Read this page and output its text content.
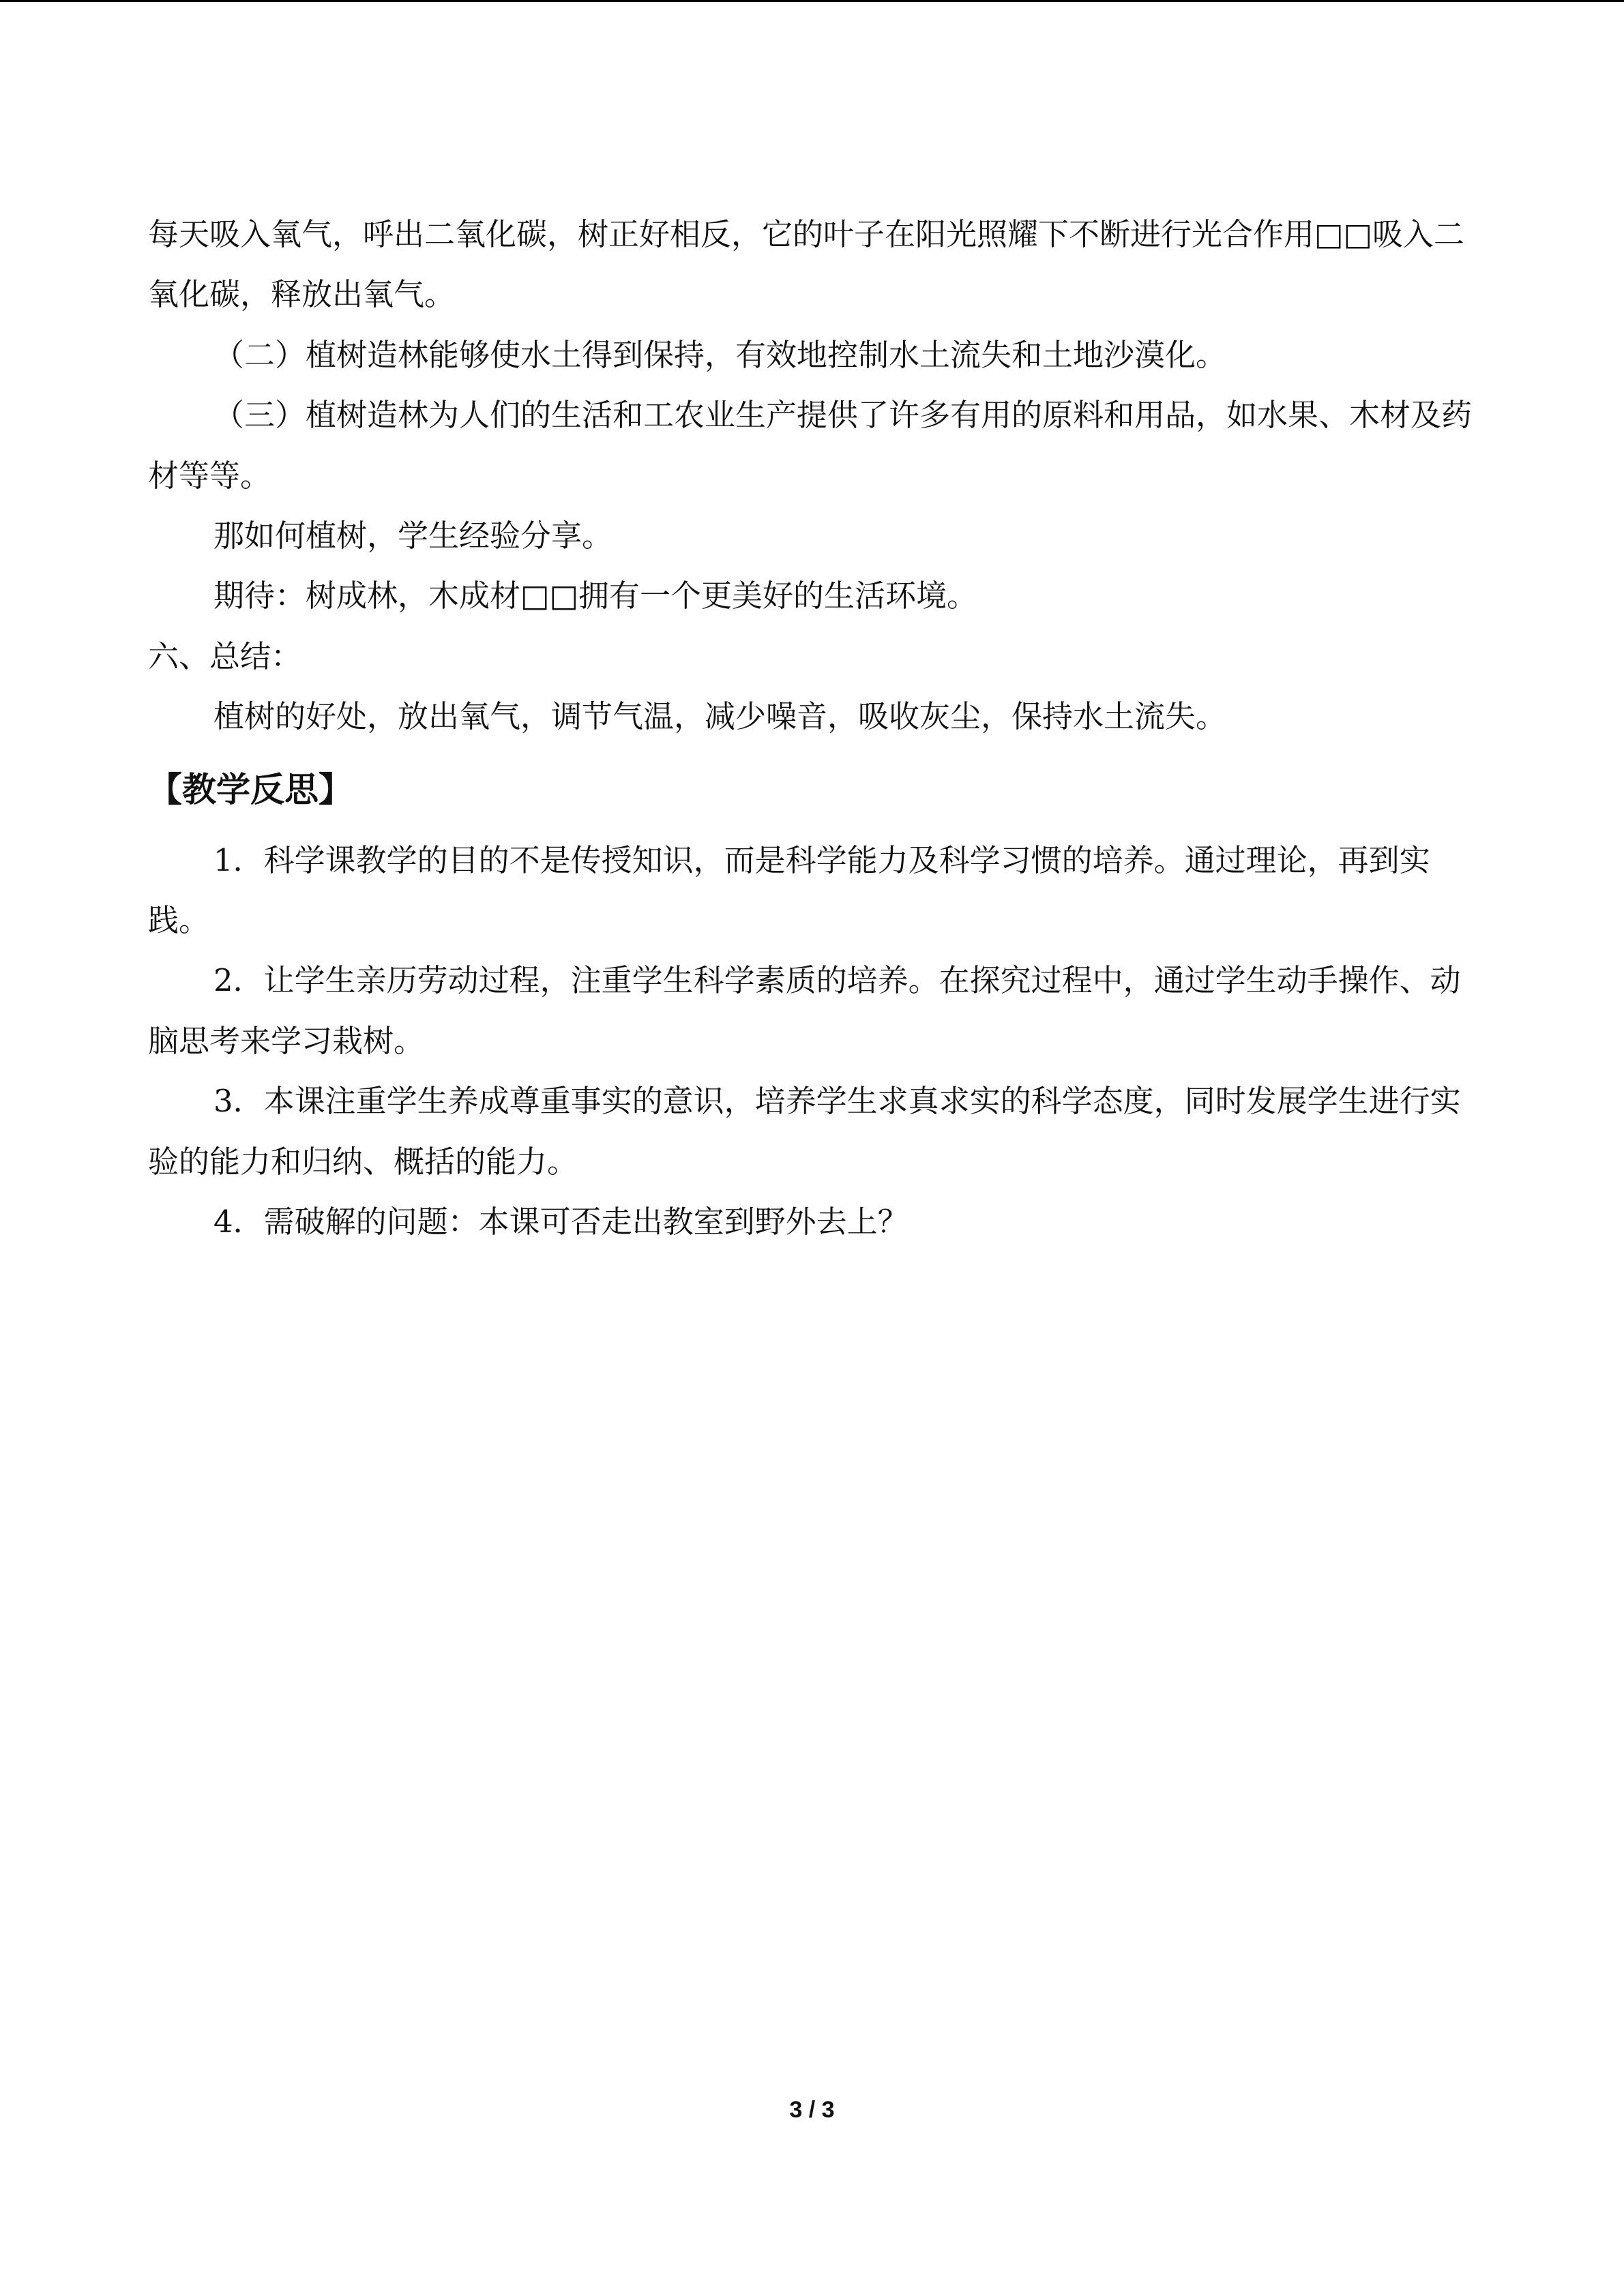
每天吸入氧气，呼出二氧化碳，树正好相反，它的叶子在阳光照耀下不断进行光合作用□□吸入二氧化碳，释放出氧气。

（二）植树造林能够使水土得到保持，有效地控制水土流失和土地沙漠化。

（三）植树造林为人们的生活和工农业生产提供了许多有用的原料和用品，如水果、木材及药材等等。

那如何植树，学生经验分享。

期待：树成林，木成材□□拥有一个更美好的生活环境。

六、总结：

植树的好处，放出氧气，调节气温，减少噪音，吸收灰尘，保持水土流失。

【教学反思】

1．科学课教学的目的不是传授知识，而是科学能力及科学习惯的培养。通过理论，再到实践。

2．让学生亲历劳动过程，注重学生科学素质的培养。在探究过程中，通过学生动手操作、动脑思考来学习栽树。

3．本课注重学生养成尊重事实的意识，培养学生求真求实的科学态度，同时发展学生进行实验的能力和归纳、概括的能力。

4．需破解的问题：本课可否走出教室到野外去上？

3 / 3
